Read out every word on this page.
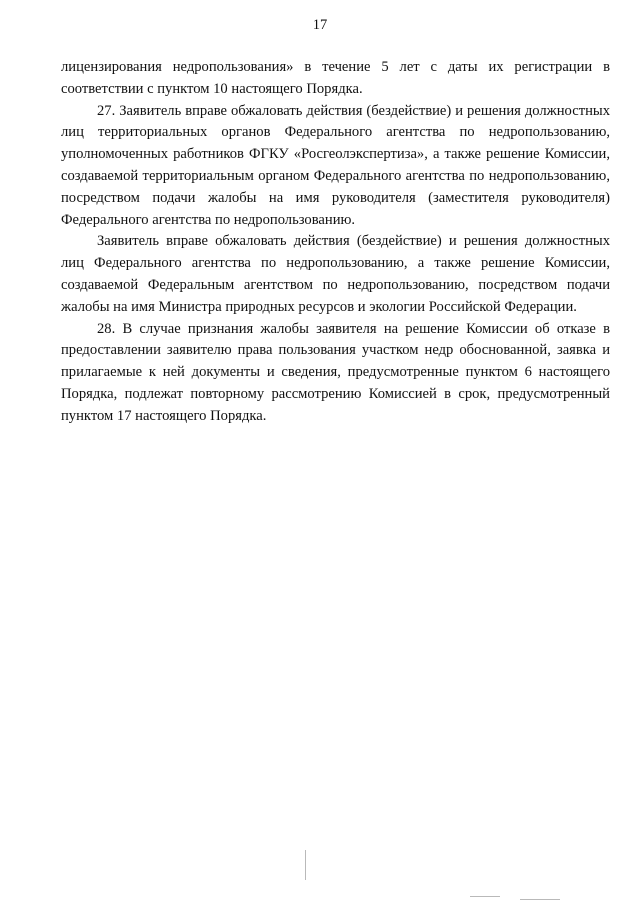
17

лицензирования недропользования» в течение 5 лет с даты их регистрации в соответствии с пунктом 10 настоящего Порядка.

27. Заявитель вправе обжаловать действия (бездействие) и решения должностных лиц территориальных органов Федерального агентства по недропользованию, уполномоченных работников ФГКУ «Росгеолэкспертиза», а также решение Комиссии, создаваемой территориальным органом Федерального агентства по недропользованию, посредством подачи жалобы на имя руководителя (заместителя руководителя) Федерального агентства по недропользованию.

Заявитель вправе обжаловать действия (бездействие) и решения должностных лиц Федерального агентства по недропользованию, а также решение Комиссии, создаваемой Федеральным агентством по недропользованию, посредством подачи жалобы на имя Министра природных ресурсов и экологии Российской Федерации.

28. В случае признания жалобы заявителя на решение Комиссии об отказе в предоставлении заявителю права пользования участком недр обоснованной, заявка и прилагаемые к ней документы и сведения, предусмотренные пунктом 6 настоящего Порядка, подлежат повторному рассмотрению Комиссией в срок, предусмотренный пунктом 17 настоящего Порядка.
